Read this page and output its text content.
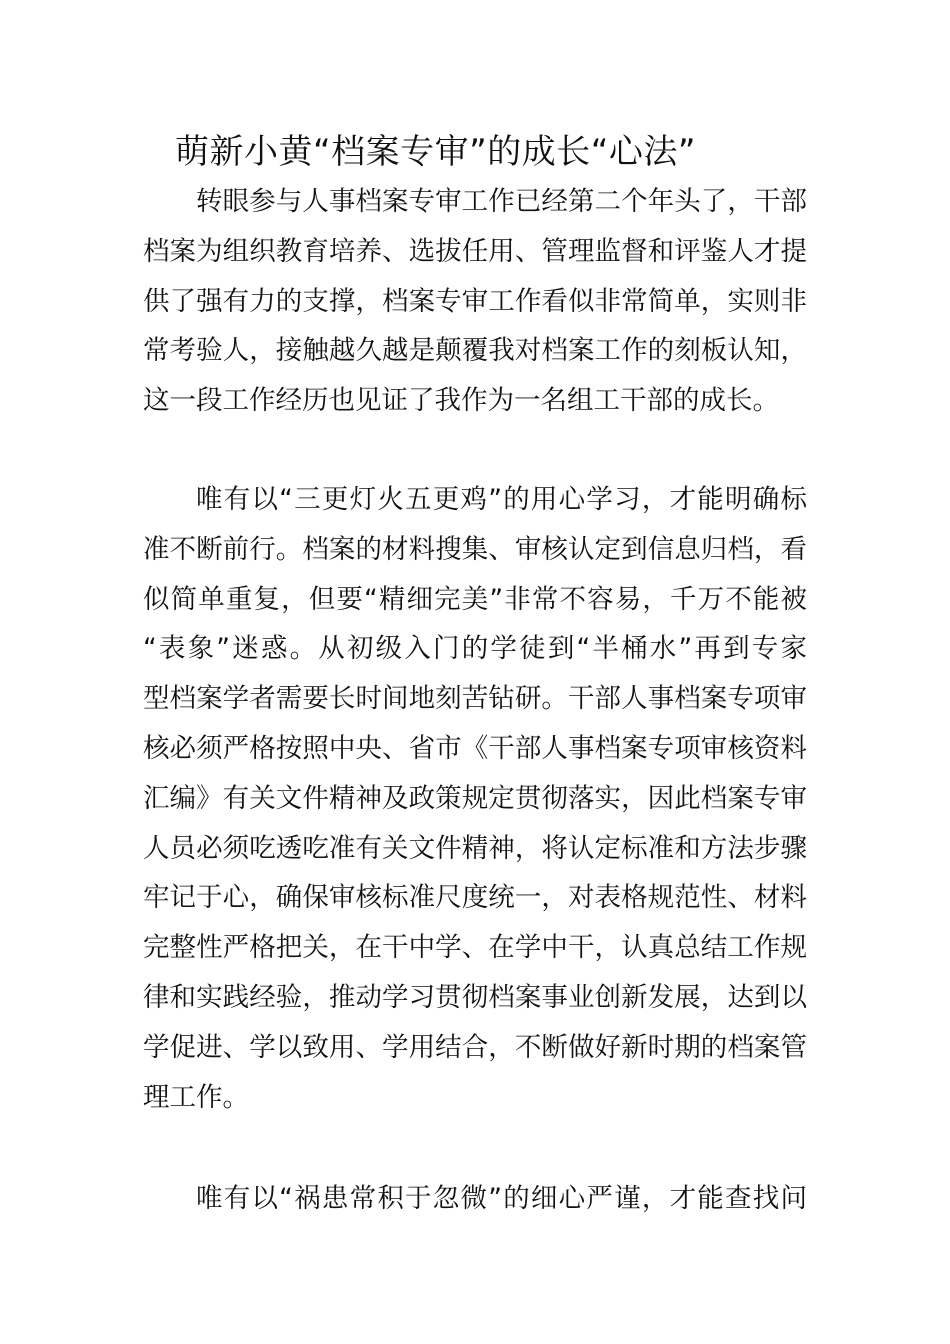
萌新小黄“档案专审”的成长“心法”
转眼参与人事档案专审工作已经第二个年头了，干部
档案为组织教育培养、选拔任用、管理监督和评鉴人才提
供了强有力的支撑，档案专审工作看似非常简单，实则非
常考验人，接触越久越是颠覆我对档案工作的刻板认知，
这一段工作经历也见证了我作为一名组工干部的成长。
唯有以“三更灯火五更鸡”的用心学习，才能明确标
准不断前行。档案的材料搜集、审核认定到信息归档，看
似简单重复，但要“精细完美”非常不容易，千万不能被
“表象”迷惑。从初级入门的学徒到“半桶水”再到专家
型档案学者需要长时间地刻苦钻研。干部人事档案专项审
核必须严格按照中央、省市《干部人事档案专项审核资料
汇编》有关文件精神及政策规定贯彻落实，因此档案专审
人员必须吃透吃准有关文件精神，将认定标准和方法步骤
牢记于心，确保审核标准尺度统一，对表格规范性、材料
完整性严格把关，在干中学、在学中干，认真总结工作规
律和实践经验，推动学习贯彻档案事业创新发展，达到以
学促进、学以致用、学用结合，不断做好新时期的档案管
理工作。
唯有以“祸患常积于忽微”的细心严谨，才能查找问
